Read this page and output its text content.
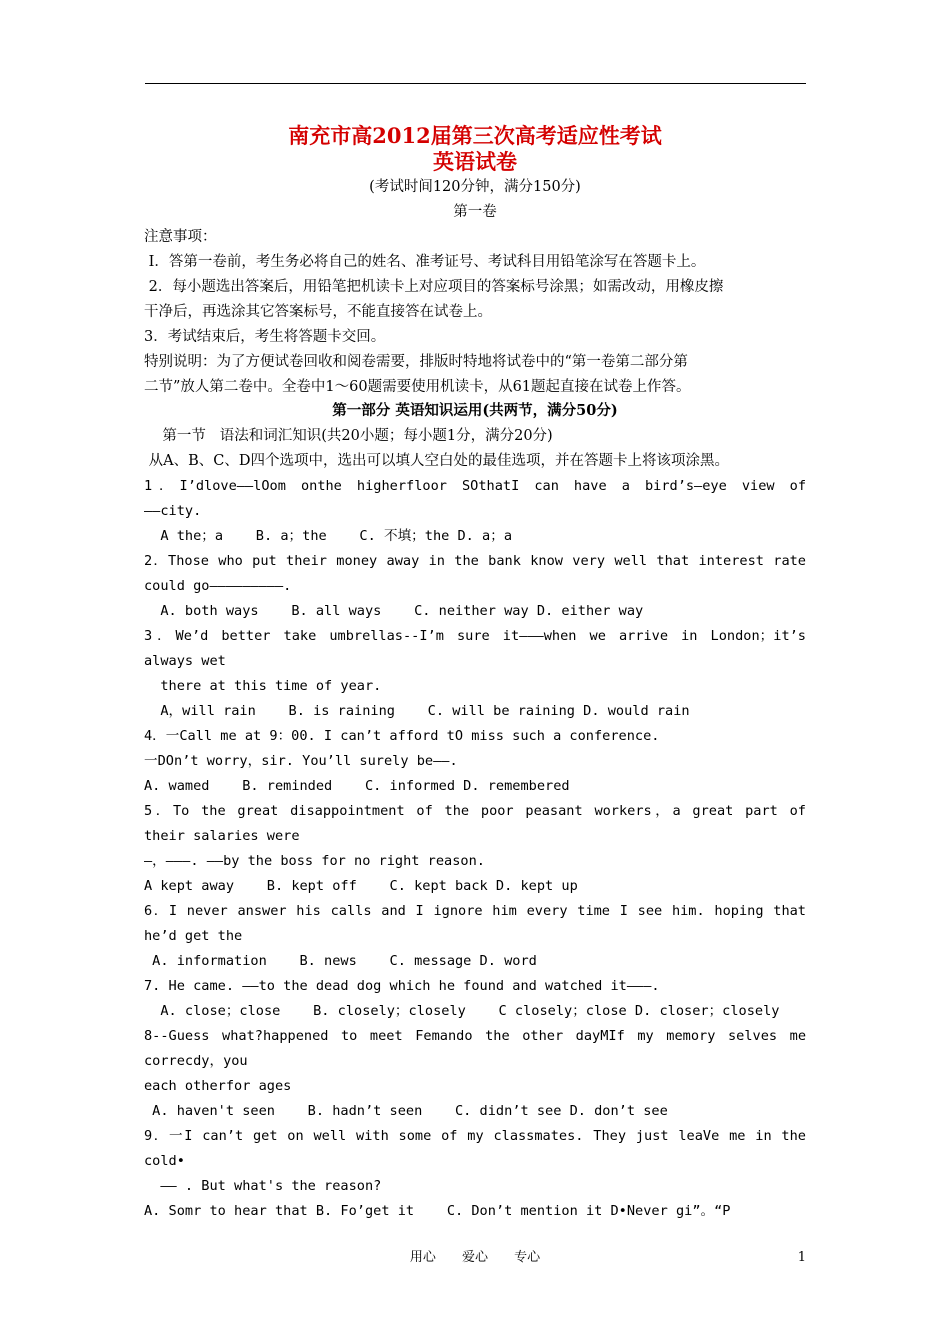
南充市高2012届第三次高考适应性考试
英语试卷
(考试时间120分钟，满分150分)
第一卷
注意事项：
I．答第一卷前，考生务必将自己的姓名、准考证号、考试科目用铅笔涂写在答题卡上。
2．每小题选出答案后，用铅笔把机读卡上对应项目的答案标号涂黑；如需改动，用橡皮擦
干净后，再选涂其它答案标号，不能直接答在试卷上。
3．考试结束后，考生将答题卡交回。
特别说明：为了方便试卷回收和阅卷需要，排版时特地将试卷中的“第一卷第二部分第
二节”放人第二卷中。全卷中1～60题需要使用机读卡，从61题起直接在试卷上作答。
第一部分 英语知识运用(共两节，满分50分)
第一节   语法和词汇知识(共20小题；每小题1分，满分20分)
从A、B、C、D四个选项中，选出可以填人空白处的最佳选项，并在答题卡上将该项涂黑。
1．I’dlove——lOom onthe higherfloor SOthatI can have a bird’s—eye view of
——city.
A the；a    B. a；the    C. 不填；the D. a；a
2．Those who put their money away in the bank know very well that interest rate
could go—————————.
A. both ways    B. all ways    C. neither way D. either way
3．We’d better take umbrellas--I’m sure it———when we arrive in London；it’s
always wet
there at this time of year.
A，will rain    B. is raining    C. will be raining D. would rain
4．一Call me at 9：00. I can’t afford tO miss such a conference.
一DOn’t worry，sir. You’ll surely be——.
A. wamed    B. reminded    C. informed D. remembered
5．To the great disappointment of the poor peasant workers，a great part of
their salaries were
—，———. ——by the boss for no right reason.
A kept away    B. kept off    C. kept back D. kept up
6．I never answer his calls and I ignore him every time I see him. hoping that
he’d get the
A. information    B. news    C. message D. word
7. He came. ——to the dead dog which he found and watched it———.
A. close；close    B. closely；closely    C closely；close D. closer；closely
8--Guess what?happened to meet Femando the other dayMIf my memory selves me
correcdy，you
each otherfor ages
A. haven't seen    B. hadn’t seen    C. didn’t see D. don’t see
9．一I can’t get on well with some of my classmates. They just leaVe me in the
cold•
—— . But what's the reason?
A. Somr to hear that B. Fo’get it    C. Don’t mention it D•Never gi”。“P
用心 爱心 专心	1
